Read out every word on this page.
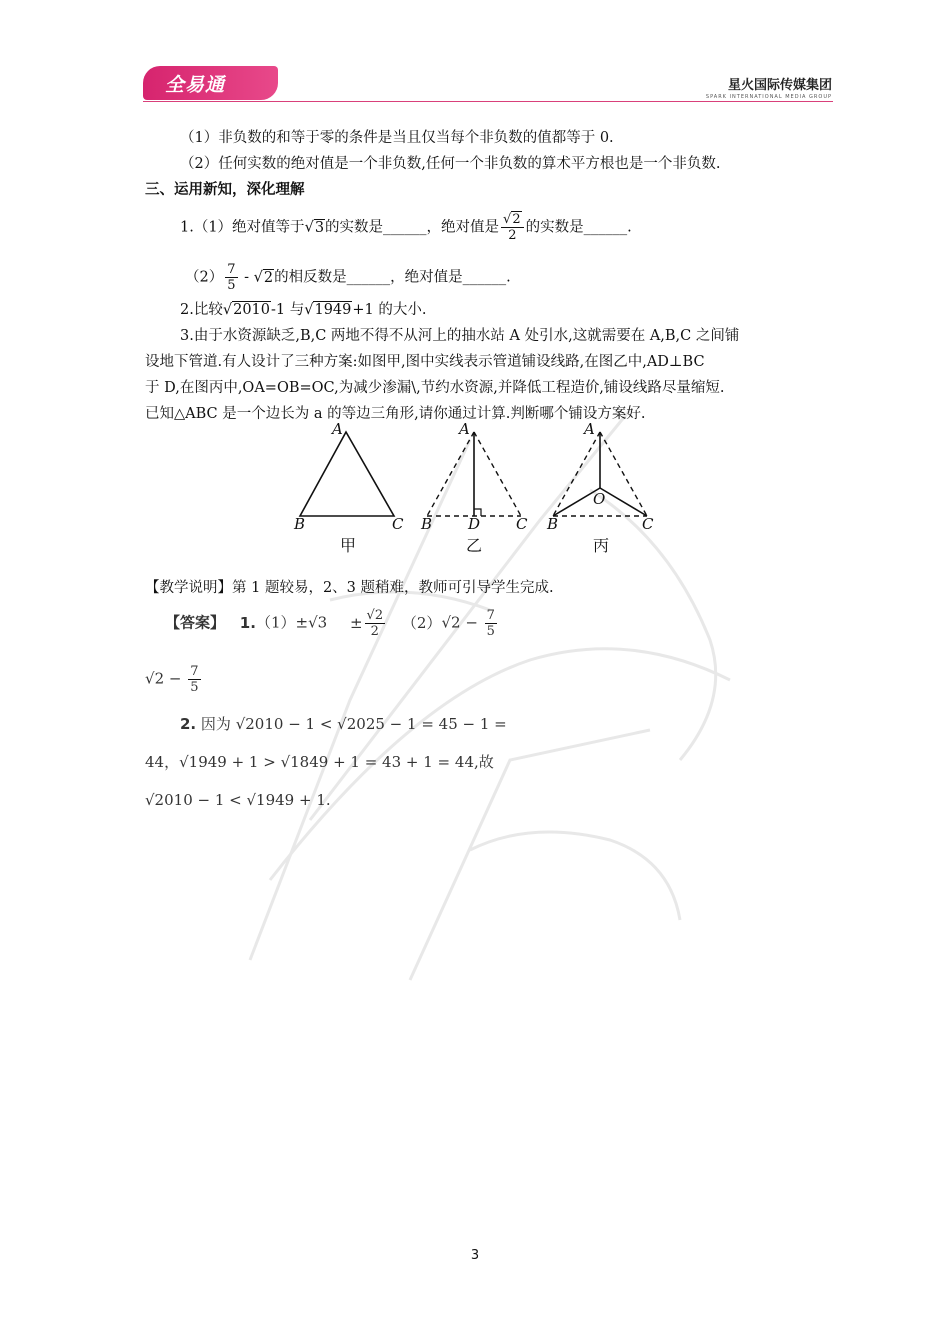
全易通	星火国际传媒集团
SPARK INTERNATIONAL MEDIA GROUP
（1）非负数的和等于零的条件是当且仅当每个非负数的值都等于 0.
（2）任何实数的绝对值是一个非负数,任何一个非负数的算术平方根也是一个非负数.
三、运用新知，深化理解
1.（1）绝对值等于√3的实数是______，绝对值是 $\frac{√2}{2}$ 的实数是______.
$(2) \frac{7}{5} - √2$的相反数是______，绝对值是______.
2.比较√2010-1 与√1949+1 的大小.
3.由于水资源缺乏,B,C 两地不得不从河上的抽水站 A 处引水,这就需要在 A,B,C 之间铺
设地下管道.有人设计了三种方案:如图甲,图中实线表示管道铺设线路,在图乙中,AD⊥BC
于 D,在图丙中,OA=OB=OC,为减少渗漏\,节约水资源,并降低工程造价,铺设线路尽量缩短.
已知△ABC 是一个边长为 a 的等边三角形,请你通过计算.判断哪个铺设方案好.
A
B	C
甲
A
B D C
乙
A
O
B	C
丙
【教学说明】第 1 题较易，2、3 题稍难，教师可引导学生完成.
【答案】 $1.(1)\pm√3 \pm \frac{√2}{2} (2)√2 - \frac{7}{5}$
$√2 - \frac{7}{5}$
2. 因为 √2010 − 1 < √2025 − 1 = 45 − 1 =
44，√1949 + 1 > √1849 + 1 = 43 + 1 = 44,故
√2010 − 1 < √1949 + 1.
3
